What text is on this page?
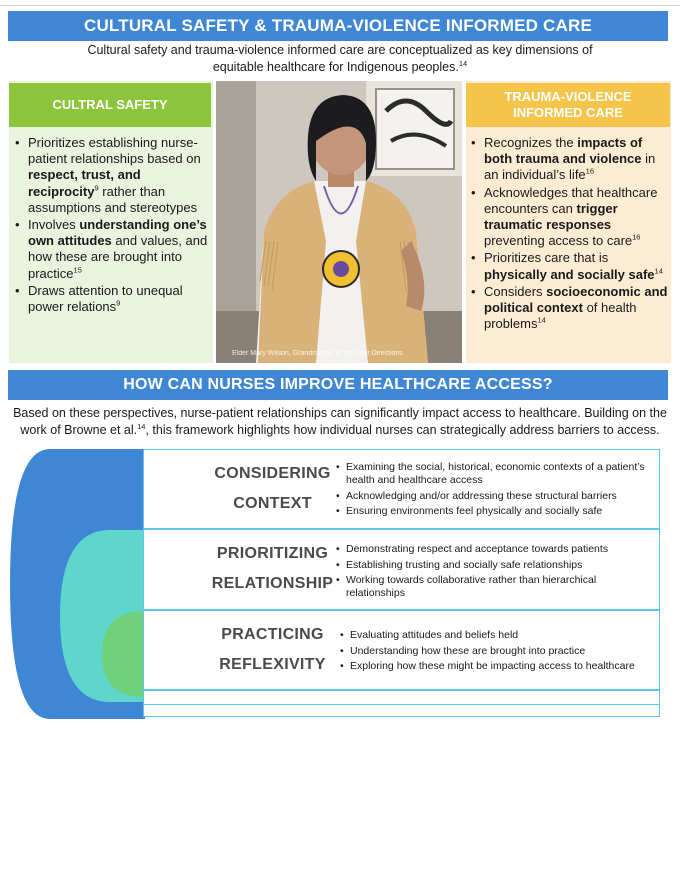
CULTURAL SAFETY & TRAUMA-VIOLENCE INFORMED CARE
Cultural safety and trauma-violence informed care are conceptualized as key dimensions of
equitable healthcare for Indigenous peoples.$^{14}$
CULTRAL SAFETY
• Prioritizes establishing nurse-patient relationships based on respect, trust, and reciprocity$^9$ rather than assumptions and stereotypes
• Involves understanding one’s own attitudes and values, and how these are brought into practice$^{15}$
• Draws attention to unequal power relations$^9$
Elder Mary Wilson, Grandmother of the Four Directions
TRAUMA-VIOLENCE
INFORMED CARE
• Recognizes the impacts of both trauma and violence in an individual’s life$^{16}$
• Acknowledges that healthcare encounters can trigger traumatic responses preventing access to care$^{16}$
• Prioritizes care that is physically and socially safe$^{14}$
• Considers socioeconomic and political context of health problems$^{14}$
HOW CAN NURSES IMPROVE HEALTHCARE ACCESS?
Based on these perspectives, nurse-patient relationships can significantly impact access to healthcare. Building on the
work of Browne et al.$^{14}$, this framework highlights how individual nurses can strategically address barriers to access.
CONSIDERING
CONTEXT
• Examining the social, historical, economic contexts of a patient’s health and healthcare access
• Acknowledging and/or addressing these structural barriers
• Ensuring environments feel physically and socially safe
PRIORITIZING
RELATIONSHIP
• Demonstrating respect and acceptance towards patients
• Establishing trusting and socially safe relationships
• Working towards collaborative rather than hierarchical relationships
PRACTICING
REFLEXIVITY
• Evaluating attitudes and beliefs held
• Understanding how these are brought into practice
• Exploring how these might be impacting access to healthcare
